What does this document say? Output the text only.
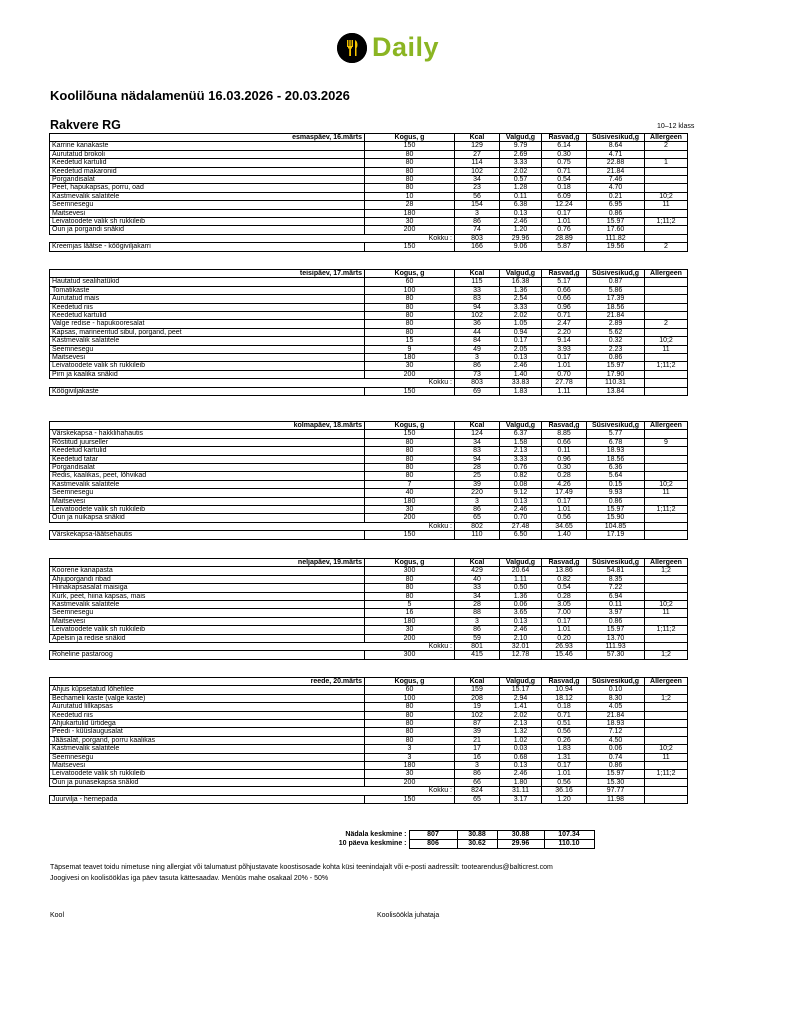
Daily
Koolilõuna nädalamenüü 16.03.2026 - 20.03.2026
Rakvere RG	10–12 klass
esmaspäev, 16.märts	Kogus, g	Kcal	Valgud,g	Rasvad,g	Süsivesikud,g	Allergeen
Karrine kanakaste	150	129	9.79	6.14	8.64	2
Aurutatud brokoli	80	27	2.69	0.30	4.71	
Keedetud kartulid	80	114	3.33	0.75	22.88	1
Keedetud makaronid	80	102	2.02	0.71	21.84	
Porgandisalat	80	34	0.57	0.54	7.46	
Peet, hapukapsas, porru, oad	80	23	1.28	0.18	4.70	
Kastmevalik salatitele	10	56	0.11	6.09	0.21	10;2
Seemnesegu	28	154	6.38	12.24	6.95	11
Maitsevesi	180	3	0.13	0.17	0.86	
Leivatoodete valik sh rukkileib	30	86	2.46	1.01	15.97	1;11;2
Õun ja porgandi snäkid	200	74	1.20	0.76	17.60	
	Kokku :	803	29.96	28.89	111.82	
Kreemjas läätse - köögiviljakarri	150	166	9.06	5.87	19.56	2
teisipäev, 17.märts	Kogus, g	Kcal	Valgud,g	Rasvad,g	Süsivesikud,g	Allergeen
Hautatud sealihatükid	60	115	16.38	5.17	0.87	
Tomatikaste	100	33	1.36	0.66	5.86	
Aurutatud mais	80	83	2.54	0.66	17.39	
Keedetud riis	80	94	3.33	0.96	18.56	
Keedetud kartulid	80	102	2.02	0.71	21.84	
Valge redise - hapukooresalat	80	36	1.05	2.47	2.89	2
Kapsas, marineeritud sibul, porgand, peet	80	44	0.94	2.20	5.62	
Kastmevalik salatitele	15	84	0.17	9.14	0.32	10;2
Seemnesegu	9	49	2.05	3.93	2.23	11
Maitsevesi	180	3	0.13	0.17	0.86	
Leivatoodete valik sh rukkileib	30	86	2.46	1.01	15.97	1;11;2
Pirn ja kaalika snäkid	200	73	1.40	0.70	17.90	
	Kokku :	803	33.83	27.78	110.31	
Köögiviljakaste	150	69	1.83	1.11	13.84	
kolmapäev, 18.märts	Kogus, g	Kcal	Valgud,g	Rasvad,g	Süsivesikud,g	Allergeen
Värskekapsa - hakklihahautis	150	124	6.37	8.85	5.77	
Röstitud juurseller	80	34	1.58	0.66	6.78	9
Keedetud kartulid	80	83	2.13	0.11	18.93	
Keedetud tatar	80	94	3.33	0.96	18.56	
Porgandisalat	80	28	0.76	0.30	6.36	
Redis, kaalikas, peet, lõhvikad	80	25	0.82	0.28	5.64	
Kastmevalik salatitele	7	39	0.08	4.26	0.15	10;2
Seemnesegu	40	220	9.12	17.49	9.93	11
Maitsevesi	180	3	0.13	0.17	0.86	
Leivatoodete valik sh rukkileib	30	86	2.46	1.01	15.97	1;11;2
Õun ja nuikapsa snäkid	200	65	0.70	0.56	15.90	
	Kokku :	802	27.48	34.65	104.85	
Värskekapsa-läätsehautis	150	110	6.50	1.40	17.19	
neljapäev, 19.märts	Kogus, g	Kcal	Valgud,g	Rasvad,g	Süsivesikud,g	Allergeen
Koorene kanapasta	300	429	20.64	13.86	54.81	1;2
Ahjuporgandi ribad	80	40	1.11	0.82	8.35	
Hiinakapsasalat maisiga	80	33	0.50	0.54	7.22	
Kurk, peet, hiina kapsas, mais	80	34	1.36	0.28	6.94	
Kastmevalik salatitele	5	28	0.06	3.05	0.11	10;2
Seemnesegu	16	88	3.65	7.00	3.97	11
Maitsevesi	180	3	0.13	0.17	0.86	
Leivatoodete valik sh rukkileib	30	86	2.46	1.01	15.97	1;11;2
Apelsin ja redise snäkid	200	59	2.10	0.20	13.70	
	Kokku :	801	32.01	26.93	111.93	
Roheline pastaroog	300	415	12.78	15.46	57.30	1;2
reede, 20.märts	Kogus, g	Kcal	Valgud,g	Rasvad,g	Süsivesikud,g	Allergeen
Ahjus küpsetatud lõhefilee	60	159	15.17	10.94	0.10	
Bechameli kaste (valge kaste)	100	208	2.94	18.12	8.30	1;2
Aurutatud lillkapsas	80	19	1.41	0.18	4.05	
Keedetud riis	80	102	2.02	0.71	21.84	
Ahjukartulid ürtidega	80	87	2.13	0.51	18.93	
Peedi - küüslaugusalat	80	39	1.32	0.56	7.12	
Jääsalat, porgand, porru kaalikas	80	21	1.02	0.26	4.50	
Kastmevalik salatitele	3	17	0.03	1.83	0.06	10;2
Seemnesegu	3	16	0.68	1.31	0.74	11
Maitsevesi	180	3	0.13	0.17	0.86	
Leivatoodete valik sh rukkileib	30	86	2.46	1.01	15.97	1;11;2
Õun ja punasekapsa snäkid	200	66	1.80	0.56	15.30	
	Kokku :	824	31.11	36.16	97.77	
Juurvilja - hernepada	150	65	3.17	1.20	11.98	
Nädala keskmine :	807	30.88	30.88	107.34	
10 päeva keskmine :	806	30.62	29.96	110.10	
Täpsemat teavet toidu nimetuse ning allergiat või talumatust põhjustavate koostisosade kohta küsi teenindajalt või e-posti aadressilt: tootearendus@balticrest.com
Joogivesi on koolisööklas iga päev tasuta kättesaadav. Menüüs mahe osakaal 20% - 50%
Kool	Koolisöökla juhataja
